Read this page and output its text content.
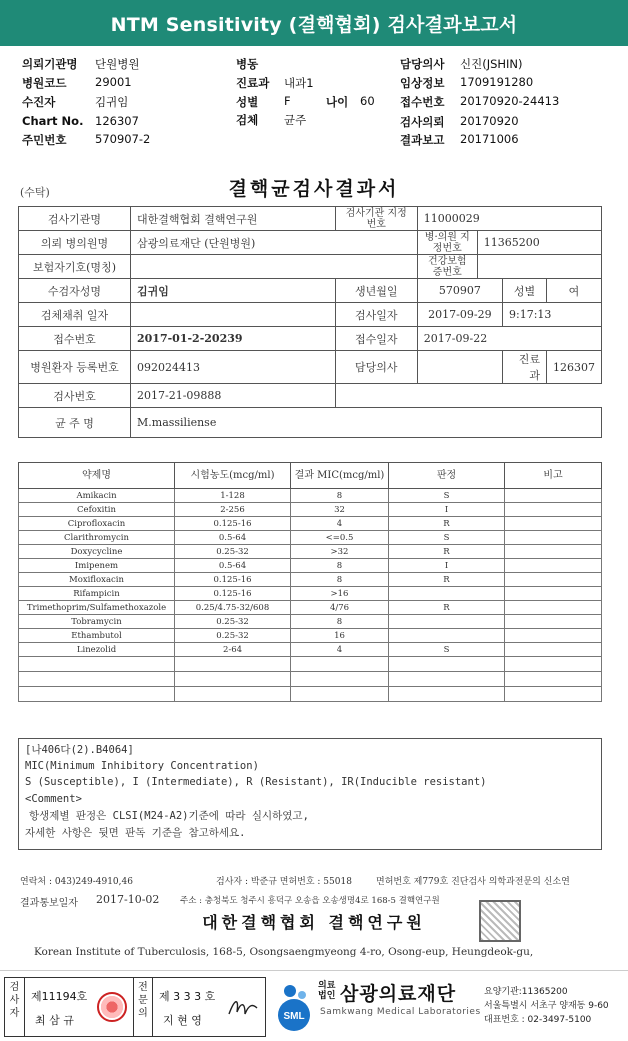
NTM Sensitivity (결핵협회) 검사결과보고서
의뢰기관명 단원병원	병동	담당의사 신진(JSHIN)
병원코드 29001	진료과 내과1	임상정보 1709191280
수진자	김귀임	성별 F	나이 60 접수번호 20170920-24413
Chart No. 126307	검체 균주	검사의뢰 20170920
주민번호 570907-2	결과보고 20171006
(수탁)	결핵균검사결과서
검사기관명	대한결핵협회 결핵연구원	검사기관 지정번호	11000029			
의뢰 병의원명	삼광의료재단 (단원병원)		병·의원 지정번호	11365200		
보험자기호(명칭)			건강보험 증번호			
수검자성명	김귀임	생년월일	570907		성별	여
검체채취 일자		검사일자	2017-09-29		9:17:13	
접수번호	2017-01-2-20239	접수일자	2017-09-22			
병원환자 등록번호	092024413	담당의사			진료과	126307
검사번호	2017-21-09888					
균 주 명	M.massiliense					
약제명	시험농도(mcg/ml)	결과 MIC(mcg/ml)	판정	비고
Amikacin	1-128	8	S	
Cefoxitin	2-256	32	I	
Ciprofloxacin	0.125-16	4	R	
Clarithromycin	0.5-64	<=0.5	S	
Doxycycline	0.25-32	>32	R	
Imipenem	0.5-64	8	I	
Moxifloxacin	0.125-16	8	R	
Rifampicin	0.125-16	>16		
Trimethoprim/Sulfamethoxazole	0.25/4.75-32/608	4/76	R	
Tobramycin	0.25-32	8		
Ethambutol	0.25-32	16		
Linezolid	2-64	4	S	

[나406다(2).B4064]
MIC(Minimum Inhibitory Concentration)
S (Susceptible), I (Intermediate), R (Resistant), IR(Inducible resistant)
<Comment>
항생제별 판정은 CLSI(M24-A2)기준에 따라 실시하였고,
자세한 사항은 뒷면 판독 기준을 참고하세요.
연락처 : 043)249-4910,46	검사자 : 박준규 면허번호 : 55018	면허번호 제779호 진단검사 의학과전문의 신소연
결과통보일자 2017-10-02 주소 : 충청북도 청주시 흥덕구 오송읍 오송생명4로 168-5 결핵연구원
대한결핵협회 결핵연구원
Korean Institute of Tuberculosis, 168-5, Osongsaengmyeong 4-ro, Osong-eup, Heungdeok-gu,
검사자
제11194호
최 삼 규
전문의
제 3 3 3 호
지 현 영	SML
의료
법인 삼광의료재단
Samkwang Medical Laboratories
요양기관:11365200
서울특별시 서초구 양재동 9-60
대표번호 : 02-3497-5100
